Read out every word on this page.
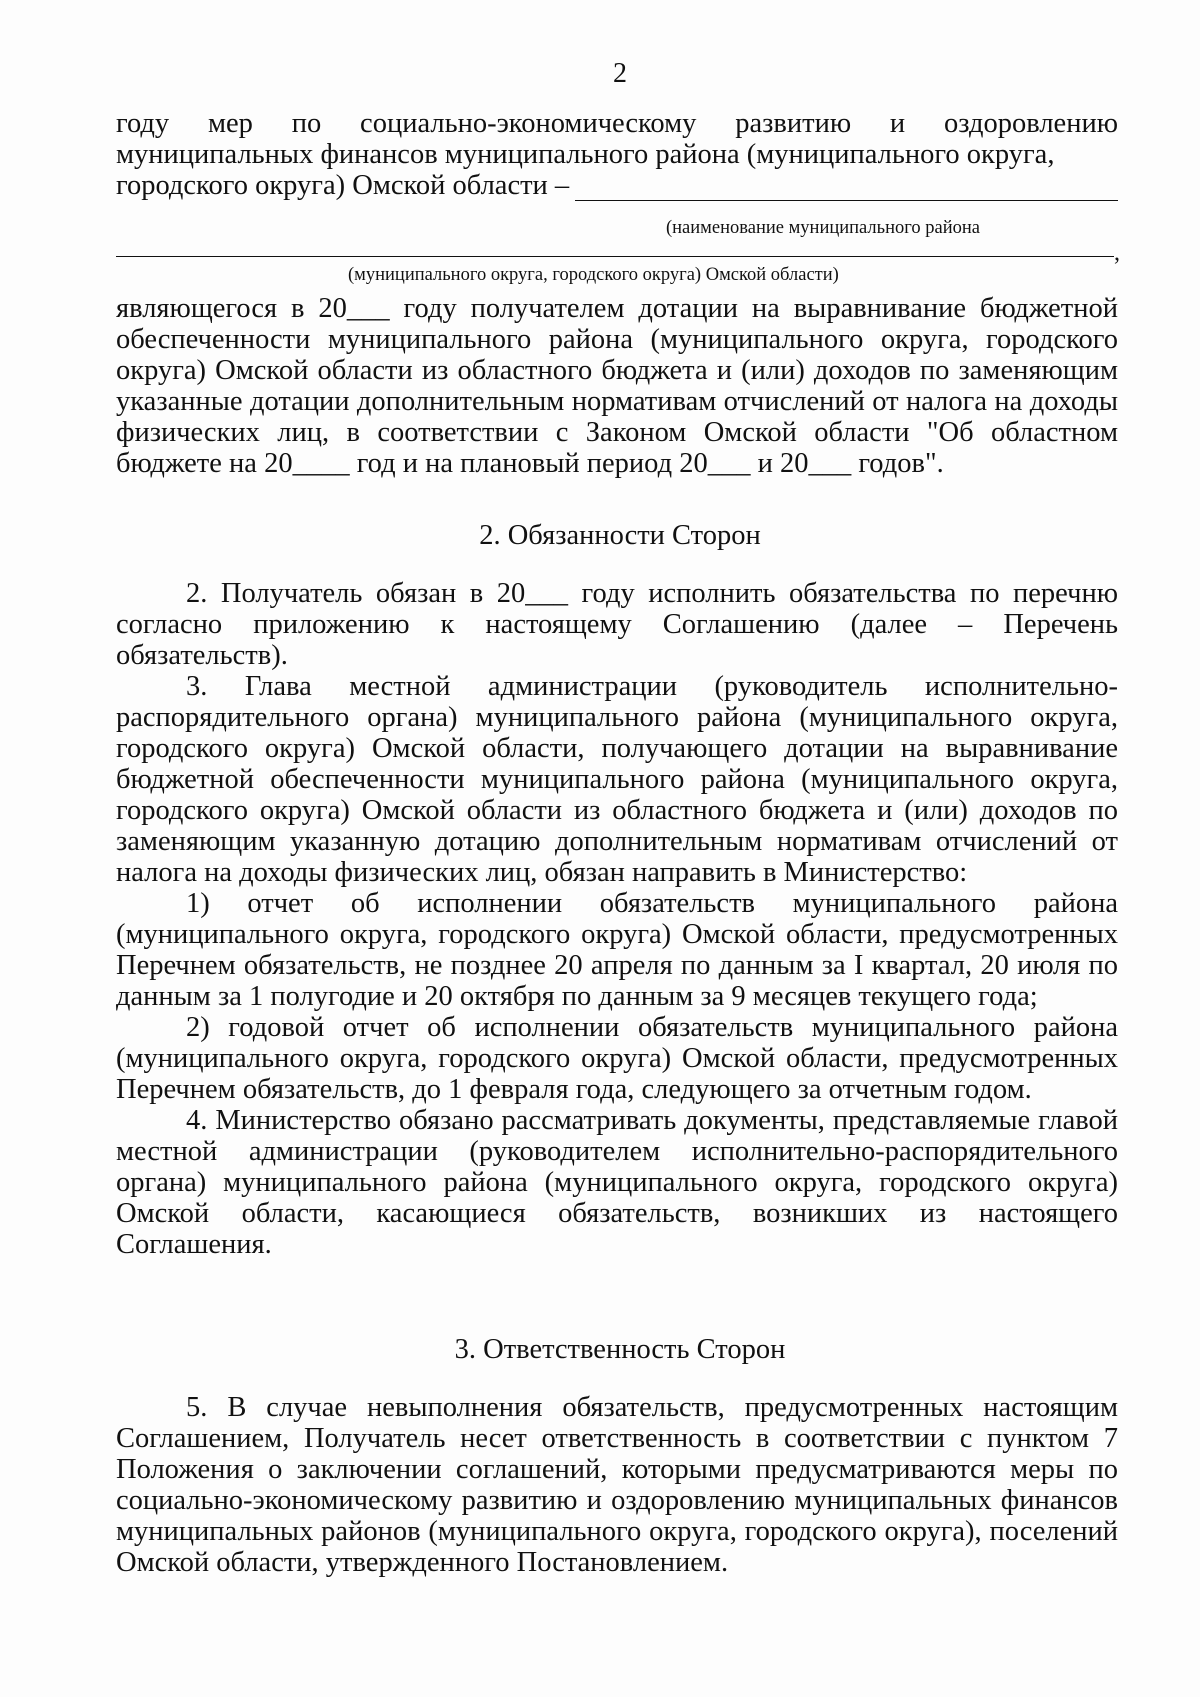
2

году мер по социально-экономическому развитию и оздоровлению муниципальных финансов муниципального района (муниципального округа,

городского округа) Омской области –
(наименование муниципального района
,
(муниципального округа, городского округа) Омской области)

являющегося в 20___ году получателем дотации на выравнивание бюджетной обеспеченности муниципального района (муниципального округа, городского округа) Омской области из областного бюджета и (или) доходов по заменяющим указанные дотации дополнительным нормативам отчислений от налога на доходы физических лиц, в соответствии с Законом Омской области "Об областном бюджете на 20____ год и на плановый период 20___ и 20___ годов".

2. Обязанности Сторон

2. Получатель обязан в 20___ году исполнить обязательства по перечню согласно приложению к настоящему Соглашению (далее – Перечень обязательств).

3. Глава местной администрации (руководитель исполнительно-распорядительного органа) муниципального района (муниципального округа, городского округа) Омской области, получающего дотации на выравнивание бюджетной обеспеченности муниципального района (муниципального округа, городского округа) Омской области из областного бюджета и (или) доходов по заменяющим указанную дотацию дополнительным нормативам отчислений от налога на доходы физических лиц, обязан направить в Министерство:

1) отчет об исполнении обязательств муниципального района (муниципального округа, городского округа) Омской области, предусмотренных Перечнем обязательств, не позднее 20 апреля по данным за I квартал, 20 июля по данным за 1 полугодие и 20 октября по данным за 9 месяцев текущего года;

2) годовой отчет об исполнении обязательств муниципального района (муниципального округа, городского округа) Омской области, предусмотренных Перечнем обязательств, до 1 февраля года, следующего за отчетным годом.

4. Министерство обязано рассматривать документы, представляемые главой местной администрации (руководителем исполнительно-распорядительного органа) муниципального района (муниципального округа, городского округа) Омской области, касающиеся обязательств, возникших из настоящего Соглашения.

3. Ответственность Сторон

5. В случае невыполнения обязательств, предусмотренных настоящим Соглашением, Получатель несет ответственность в соответствии с пунктом 7 Положения о заключении соглашений, которыми предусматриваются меры по социально-экономическому развитию и оздоровлению муниципальных финансов муниципальных районов (муниципального округа, городского округа), поселений Омской области, утвержденного Постановлением.
